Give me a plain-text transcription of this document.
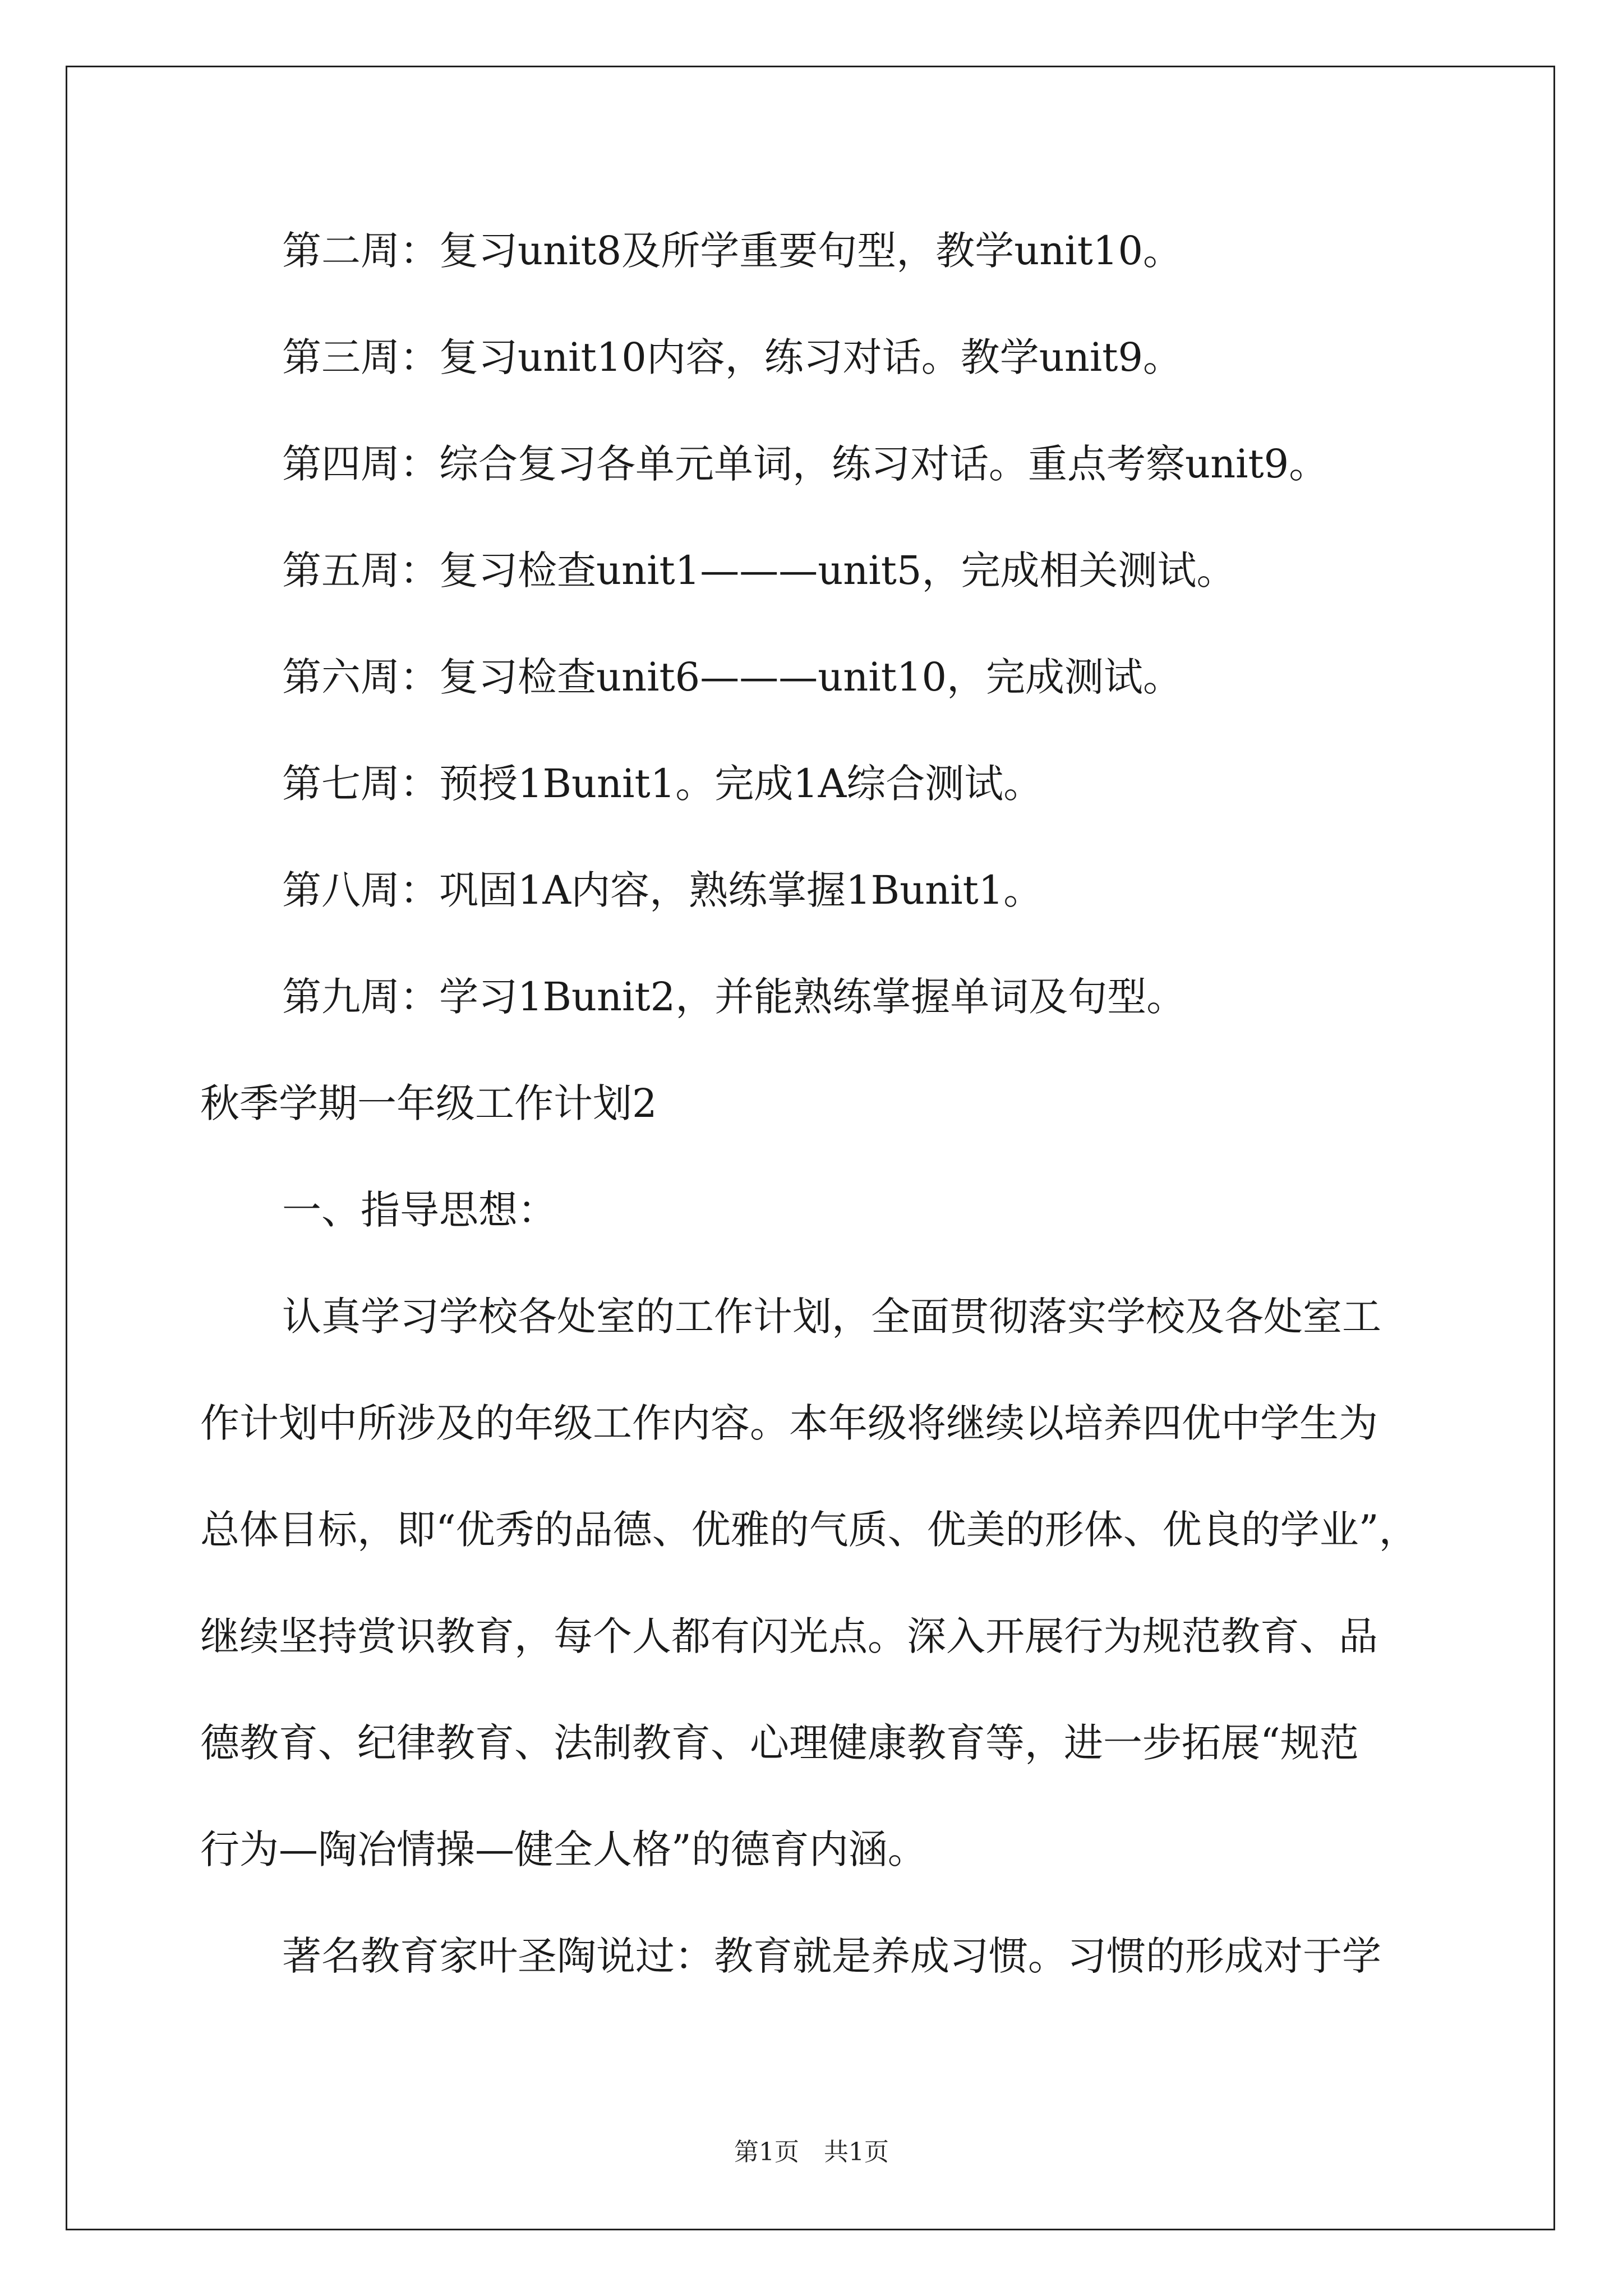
第二周：复习unit8及所学重要句型，教学unit10。
第三周：复习unit10内容，练习对话。教学unit9。
第四周：综合复习各单元单词，练习对话。重点考察unit9。
第五周：复习检查unit1———unit5，完成相关测试。
第六周：复习检查unit6———unit10，完成测试。
第七周：预授1Bunit1。完成1A综合测试。
第八周：巩固1A内容，熟练掌握1Bunit1。
第九周：学习1Bunit2，并能熟练掌握单词及句型。
秋季学期一年级工作计划2
一、指导思想：
认真学习学校各处室的工作计划，全面贯彻落实学校及各处室工
作计划中所涉及的年级工作内容。本年级将继续以培养四优中学生为
总体目标，即“优秀的品德、优雅的气质、优美的形体、优良的学业”，
继续坚持赏识教育，每个人都有闪光点。深入开展行为规范教育、品
德教育、纪律教育、法制教育、心理健康教育等，进一步拓展“规范
行为—陶冶情操—健全人格”的德育内涵。
著名教育家叶圣陶说过：教育就是养成习惯。习惯的形成对于学
第1页　共1页
